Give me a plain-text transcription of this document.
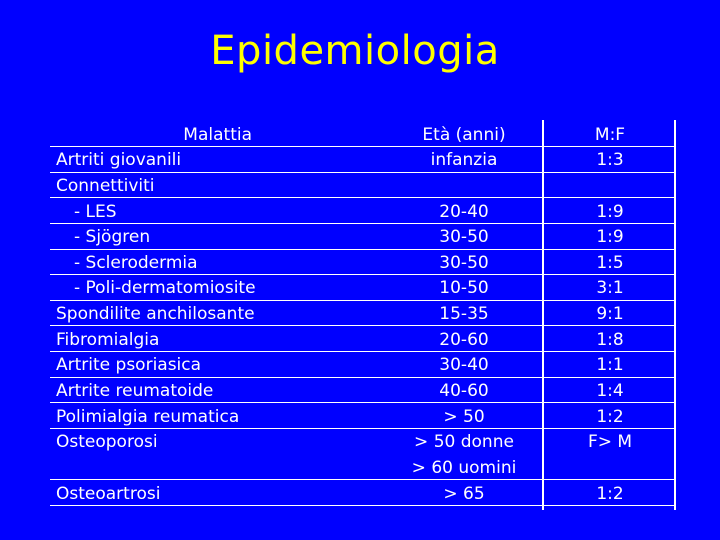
Epidemiologia
Malattia	Età (anni)	M:F
Artriti giovanili	infanzia	1:3
Connettiviti
- LES	20-40	1:9
- Sjögren	30-50	1:9
- Sclerodermia	30-50	1:5
- Poli-dermatomiosite	10-50	3:1
Spondilite anchilosante	15-35	9:1
Fibromialgia	20-60	1:8
Artrite psoriasica	30-40	1:1
Artrite reumatoide	40-60	1:4
Polimialgia reumatica	> 50	1:2
Osteoporosi	> 50 donne	F> M
> 60 uomini
Osteoartrosi	> 65	1:2
